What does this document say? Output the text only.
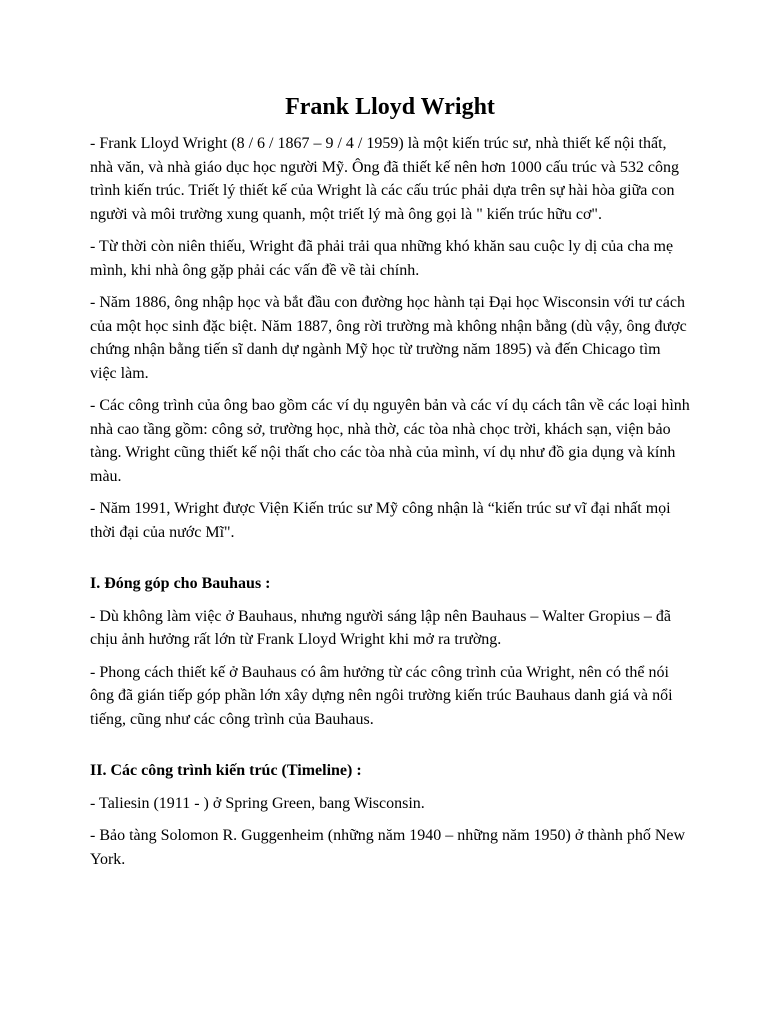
Frank Lloyd Wright

- Frank Lloyd Wright (8 / 6 / 1867 – 9 / 4 / 1959) là một kiến trúc sư, nhà thiết kế nội thất, nhà văn, và nhà giáo dục học người Mỹ. Ông đã thiết kế nên hơn 1000 cấu trúc và 532 công trình kiến trúc. Triết lý thiết kế của Wright là các cấu trúc phải dựa trên sự hài hòa giữa con người và môi trường xung quanh, một triết lý mà ông gọi là " kiến trúc hữu cơ".

- Từ thời còn niên thiếu, Wright đã phải trải qua những khó khăn sau cuộc ly dị của cha mẹ mình, khi nhà ông gặp phải các vấn đề về tài chính.

- Năm 1886, ông nhập học và bắt đầu con đường học hành tại Đại học Wisconsin với tư cách của một học sinh đặc biệt. Năm 1887, ông rời trường mà không nhận bằng (dù vậy, ông được chứng nhận bằng tiến sĩ danh dự ngành Mỹ học từ trường năm 1895) và đến Chicago tìm việc làm.

- Các công trình của ông bao gồm các ví dụ nguyên bản và các ví dụ cách tân về các loại hình nhà cao tầng gồm: công sở, trường học, nhà thờ, các tòa nhà chọc trời, khách sạn, viện bảo tàng. Wright cũng thiết kế nội thất cho các tòa nhà của mình, ví dụ như đồ gia dụng và kính màu.

- Năm 1991, Wright được Viện Kiến trúc sư Mỹ công nhận là “kiến trúc sư vĩ đại nhất mọi thời đại của nước Mĩ".

I. Đóng góp cho Bauhaus :

- Dù không làm việc ở Bauhaus, nhưng người sáng lập nên Bauhaus – Walter Gropius – đã chịu ảnh hưởng rất lớn từ Frank Lloyd Wright khi mở ra trường.

- Phong cách thiết kế ở Bauhaus có âm hưởng từ các công trình của Wright, nên có thể nói ông đã gián tiếp góp phần lớn xây dựng nên ngôi trường kiến trúc Bauhaus danh giá và nổi tiếng, cũng như các công trình của Bauhaus.

II. Các công trình kiến trúc (Timeline) :

- Taliesin (1911 - ) ở Spring Green, bang Wisconsin.

- Bảo tàng Solomon R. Guggenheim (những năm 1940 – những năm 1950) ở thành phố New York.
